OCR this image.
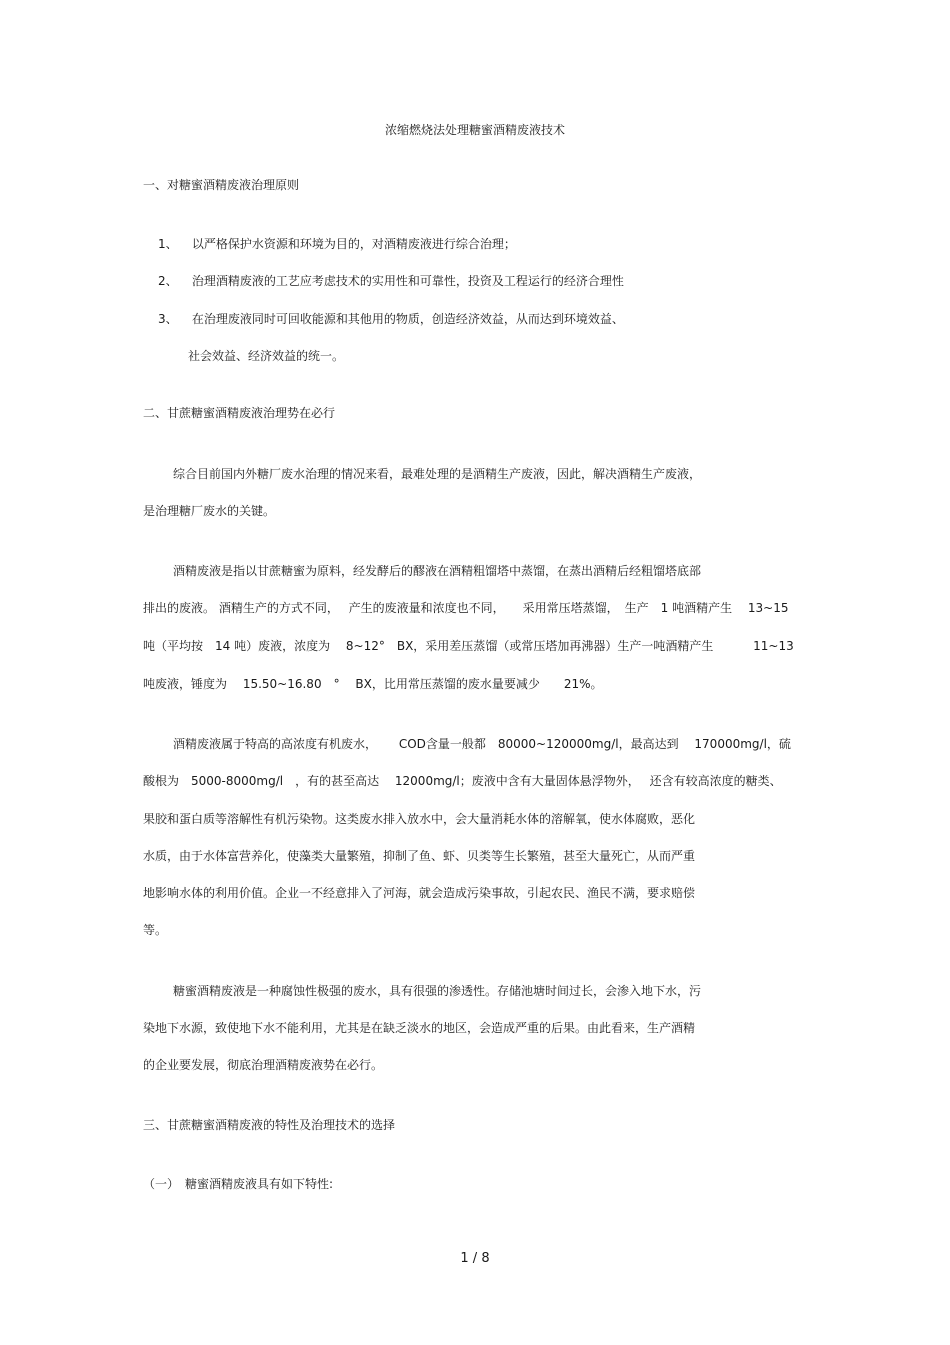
浓缩燃烧法处理糖蜜酒精废液技术
一、对糖蜜酒精废液治理原则
1、 以严格保护水资源和环境为目的，对酒精废液进行综合治理；
2、 治理酒精废液的工艺应考虑技术的实用性和可靠性，投资及工程运行的经济合理性
3、 在治理废液同时可回收能源和其他用的物质，创造经济效益，从而达到环境效益、
社会效益、经济效益的统一。
二、甘蔗糖蜜酒精废液治理势在必行
综合目前国内外糖厂废水治理的情况来看，最难处理的是酒精生产废液，因此，解决酒精生产废液，
是治理糖厂废水的关键。
酒精废液是指以甘蔗糖蜜为原料，经发酵后的醪液在酒精粗馏塔中蒸馏，在蒸出酒精后经粗馏塔底部
排出的废液。 酒精生产的方式不同，　 产生的废液量和浓度也不同，　　采用常压塔蒸馏，　生产　1 吨酒精产生　 13~15
吨（平均按　14 吨）废液，浓度为　 8~12°　BX，采用差压蒸馏（或常压塔加再沸器）生产一吨酒精产生　　　 11~13
吨废液，锤度为　 15.50~16.80　°　 BX，比用常压蒸馏的废水量要减少　　21%。
酒精废液属于特高的高浓度有机废水，　　 COD含量一般都　80000~120000mg/l，最高达到　 170000mg/l，硫
酸根为　5000-8000mg/l　，有的甚至高达　 12000mg/l；废液中含有大量固体悬浮物外，　 还含有较高浓度的糖类、
果胶和蛋白质等溶解性有机污染物。这类废水排入放水中，会大量消耗水体的溶解氧，使水体腐败，恶化
水质，由于水体富营养化，使藻类大量繁殖，抑制了鱼、虾、贝类等生长繁殖，甚至大量死亡，从而严重
地影响水体的利用价值。企业一不经意排入了河海，就会造成污染事故，引起农民、渔民不满，要求赔偿
等。
糖蜜酒精废液是一种腐蚀性极强的废水，具有很强的渗透性。存储池塘时间过长，会渗入地下水，污
染地下水源，致使地下水不能利用，尤其是在缺乏淡水的地区，会造成严重的后果。由此看来，生产酒精
的企业要发展，彻底治理酒精废液势在必行。
三、甘蔗糖蜜酒精废液的特性及治理技术的选择
（一）　糖蜜酒精废液具有如下特性:
1 / 8
